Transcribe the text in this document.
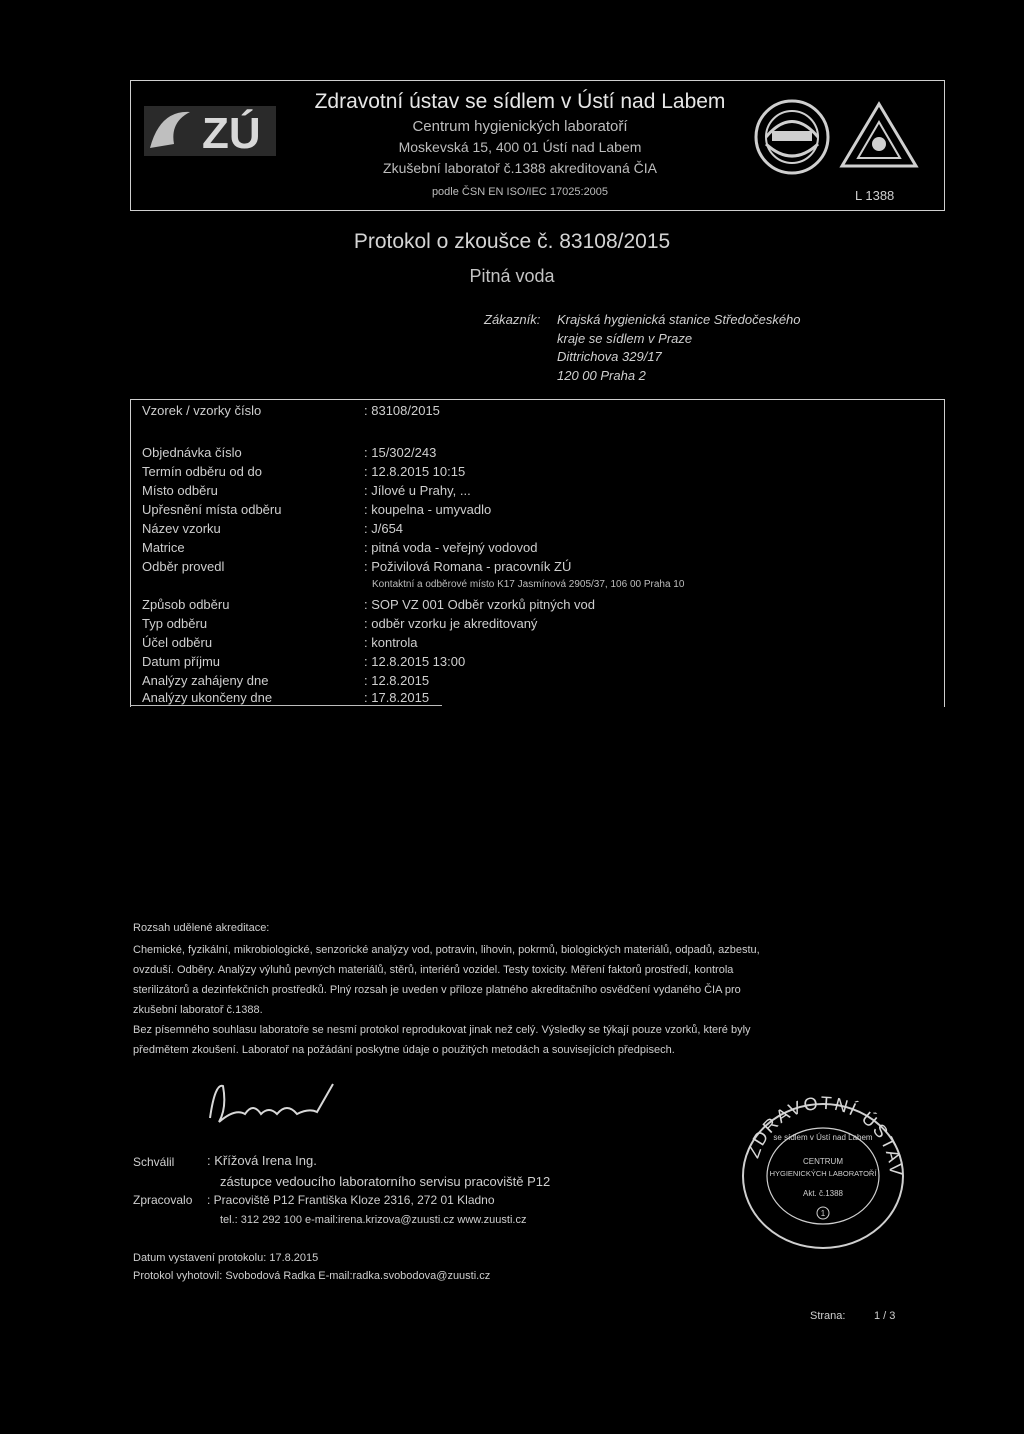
ZÚ
Zdravotní ústav se sídlem v Ústí nad Labem
Centrum hygienických laboratoří
Moskevská 15, 400 01 Ústí nad Labem
Zkušební laboratoř č.1388 akreditovaná ČIA
podle ČSN EN ISO/IEC 17025:2005	L 1388
Protokol o zkoušce č. 83108/2015
Pitná voda
Zákazník: Krajská hygienická stanice Středočeského
kraje se sídlem v Praze
Dittrichova 329/17
120 00 Praha 2
Vzorek / vzorky číslo	: 83108/2015
Objednávka číslo	: 15/302/243
Termín odběru od do	: 12.8.2015 10:15
Místo odběru	: Jílové u Prahy, ...
Upřesnění místa odběru	: koupelna - umyvadlo
Název vzorku	: J/654
Matrice	: pitná voda - veřejný vodovod
Odběr provedl	: Poživilová Romana - pracovník ZÚ
Kontaktní a odběrové místo K17 Jasmínová 2905/37, 106 00 Praha 10
Způsob odběru	: SOP VZ 001 Odběr vzorků pitných vod
Typ odběru	: odběr vzorku je akreditovaný
Účel odběru	: kontrola
Datum příjmu	: 12.8.2015 13:00
Analýzy zahájeny dne	: 12.8.2015
Analýzy ukončeny dne	: 17.8.2015
Rozsah udělené akreditace:
Chemické, fyzikální, mikrobiologické, senzorické analýzy vod, potravin, lihovin, pokrmů, biologických materiálů, odpadů, azbestu,
ovzduší. Odběry. Analýzy výluhů pevných materiálů, stěrů, interiérů vozidel. Testy toxicity. Měření faktorů prostředí, kontrola
sterilizátorů a dezinfekčních prostředků. Plný rozsah je uveden v příloze platného akreditačního osvědčení vydaného ČIA pro
zkušební laboratoř č.1388.
Bez písemného souhlasu laboratoře se nesmí protokol reprodukovat jinak než celý. Výsledky se týkají pouze vzorků, které byly
předmětem zkoušení. Laboratoř na požádání poskytne údaje o použitých metodách a souvisejících předpisech.
ZDRAVOTNÍ ÚSTAV
se sídlem v Ústí nad Labem
CENTRUM
HYGIENICKÝCH LABORATOŘÍ
Akt. č.1388
1
Schválil	: Křížová Irena Ing.
zástupce vedoucího laboratorního servisu pracoviště P12
Zpracovalo	: Pracoviště P12 Františka Kloze 2316, 272 01 Kladno
tel.: 312 292 100 e-mail:irena.krizova@zuusti.cz www.zuusti.cz
Datum vystavení protokolu: 17.8.2015
Protokol vyhotovil: Svobodová Radka E-mail:radka.svobodova@zuusti.cz
Strana:	1 / 3
